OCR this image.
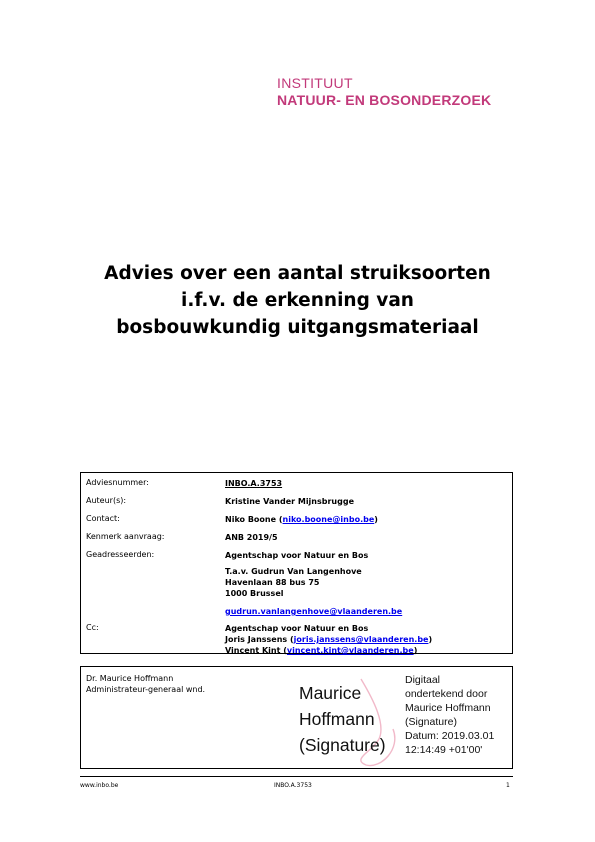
INSTITUUT
NATUUR- EN BOSONDERZOEK
Advies over een aantal struiksoorten
i.f.v. de erkenning van
bosbouwkundig uitgangsmateriaal
Adviesnummer:	INBO.A.3753
Auteur(s):	Kristine Vander Mijnsbrugge
Contact:	Niko Boone (niko.boone@inbo.be)
Kenmerk aanvraag:	ANB 2019/5
Geadresseerden:	Agentschap voor Natuur en Bos
T.a.v. Gudrun Van Langenhove
Havenlaan 88 bus 75
1000 Brussel
gudrun.vanlangenhove@vlaanderen.be
Cc:	Agentschap voor Natuur en Bos
Joris Janssens (joris.janssens@vlaanderen.be)
Vincent Kint (vincent.kint@vlaanderen.be)
Dr. Maurice Hoffmann
Administrateur-generaal wnd.	Maurice
Hoffmann
(Signature)
Digitaal
ondertekend door
Maurice Hoffmann
(Signature)
Datum: 2019.03.01
12:14:49 +01'00'
www.inbo.be	INBO.A.3753	1
